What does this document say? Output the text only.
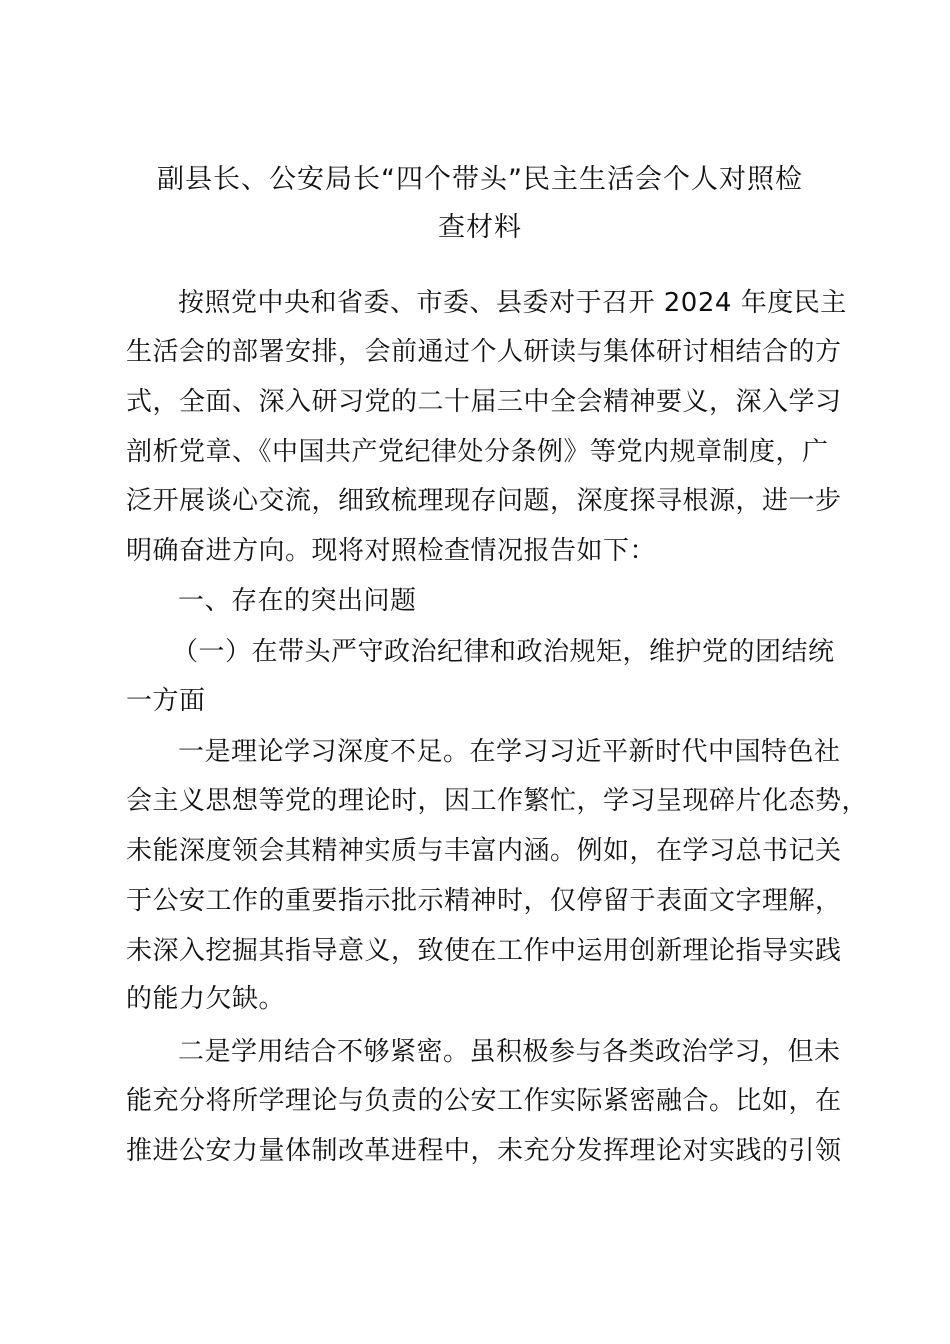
副县长、公安局长“四个带头”民主生活会个人对照检
查材料
按照党中央和省委、市委、县委对于召开 2024 年度民主
生活会的部署安排，会前通过个人研读与集体研讨相结合的方
式，全面、深入研习党的二十届三中全会精神要义，深入学习
剖析党章、《中国共产党纪律处分条例》等党内规章制度，广
泛开展谈心交流，细致梳理现存问题，深度探寻根源，进一步
明确奋进方向。现将对照检查情况报告如下：
一、存在的突出问题
（一）在带头严守政治纪律和政治规矩，维护党的团结统
一方面
一是理论学习深度不足。在学习习近平新时代中国特色社
会主义思想等党的理论时，因工作繁忙，学习呈现碎片化态势，
未能深度领会其精神实质与丰富内涵。例如，在学习总书记关
于公安工作的重要指示批示精神时，仅停留于表面文字理解，
未深入挖掘其指导意义，致使在工作中运用创新理论指导实践
的能力欠缺。
二是学用结合不够紧密。虽积极参与各类政治学习，但未
能充分将所学理论与负责的公安工作实际紧密融合。比如，在
推进公安力量体制改革进程中，未充分发挥理论对实践的引领
